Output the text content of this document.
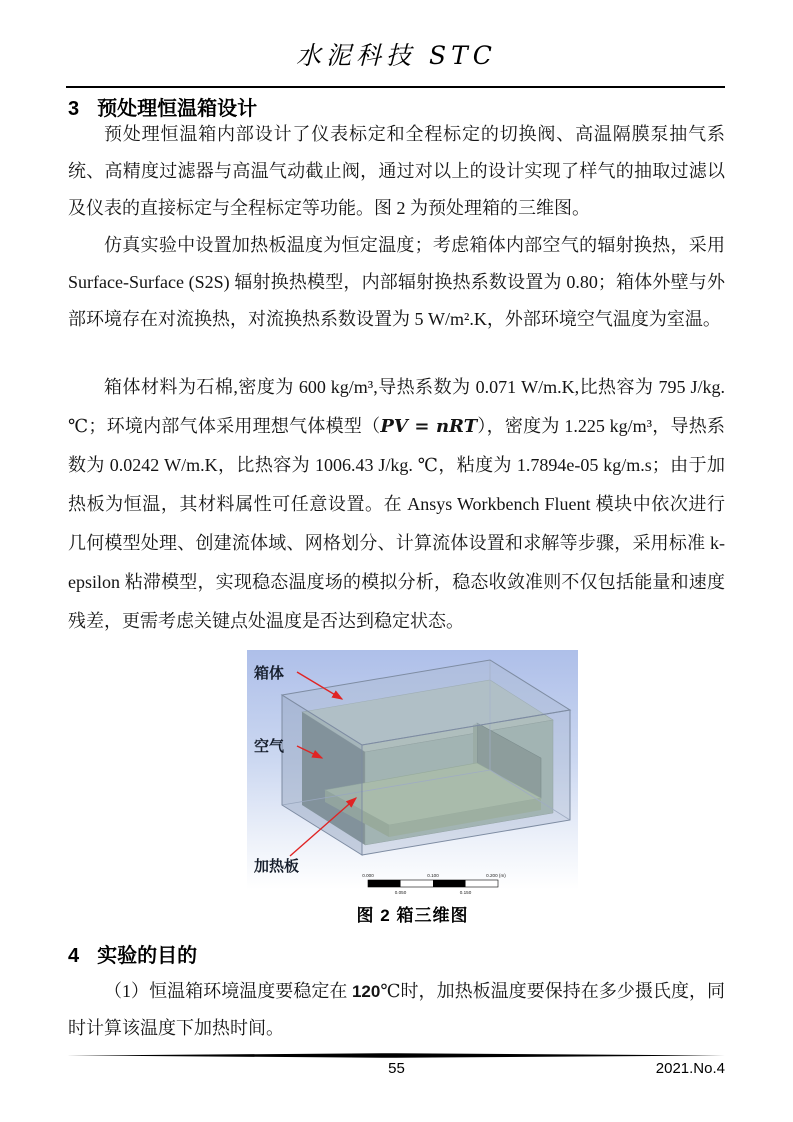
水泥科技 STC
3 预处理恒温箱设计

预处理恒温箱内部设计了仪表标定和全程标定的切换阀、高温隔膜泵抽气系统、高精度过滤器与高温气动截止阀，通过对以上的设计实现了样气的抽取过滤以及仪表的直接标定与全程标定等功能。图 2 为预处理箱的三维图。

仿真实验中设置加热板温度为恒定温度；考虑箱体内部空气的辐射换热，采用 Surface-Surface (S2S) 辐射换热模型，内部辐射换热系数设置为 0.80；箱体外壁与外部环境存在对流换热，对流换热系数设置为 5 W/m².K，外部环境空气温度为室温。

箱体材料为石棉,密度为 600 kg/m³,导热系数为 0.071 W/m.K,比热容为 795 J/kg. ℃；环境内部气体采用理想气体模型（PV = nRT），密度为 1.225 kg/m³，导热系数为 0.0242 W/m.K，比热容为 1006.43 J/kg. ℃，粘度为 1.7894e-05 kg/m.s；由于加热板为恒温，其材料属性可任意设置。在 Ansys Workbench Fluent 模块中依次进行几何模型处理、创建流体域、网格划分、计算流体设置和求解等步骤，采用标准 k-epsilon 粘滞模型，实现稳态温度场的模拟分析，稳态收敛准则不仅包括能量和速度残差，更需考虑关键点处温度是否达到稳定状态。

箱体
空气
加热板
0.000	0.100	0.200 (m)
0.050	0.150
图 2 箱三维图
4 实验的目的

（1）恒温箱环境温度要稳定在 120℃时，加热板温度要保持在多少摄氏度，同时计算该温度下加热时间。

55	2021.No.4
